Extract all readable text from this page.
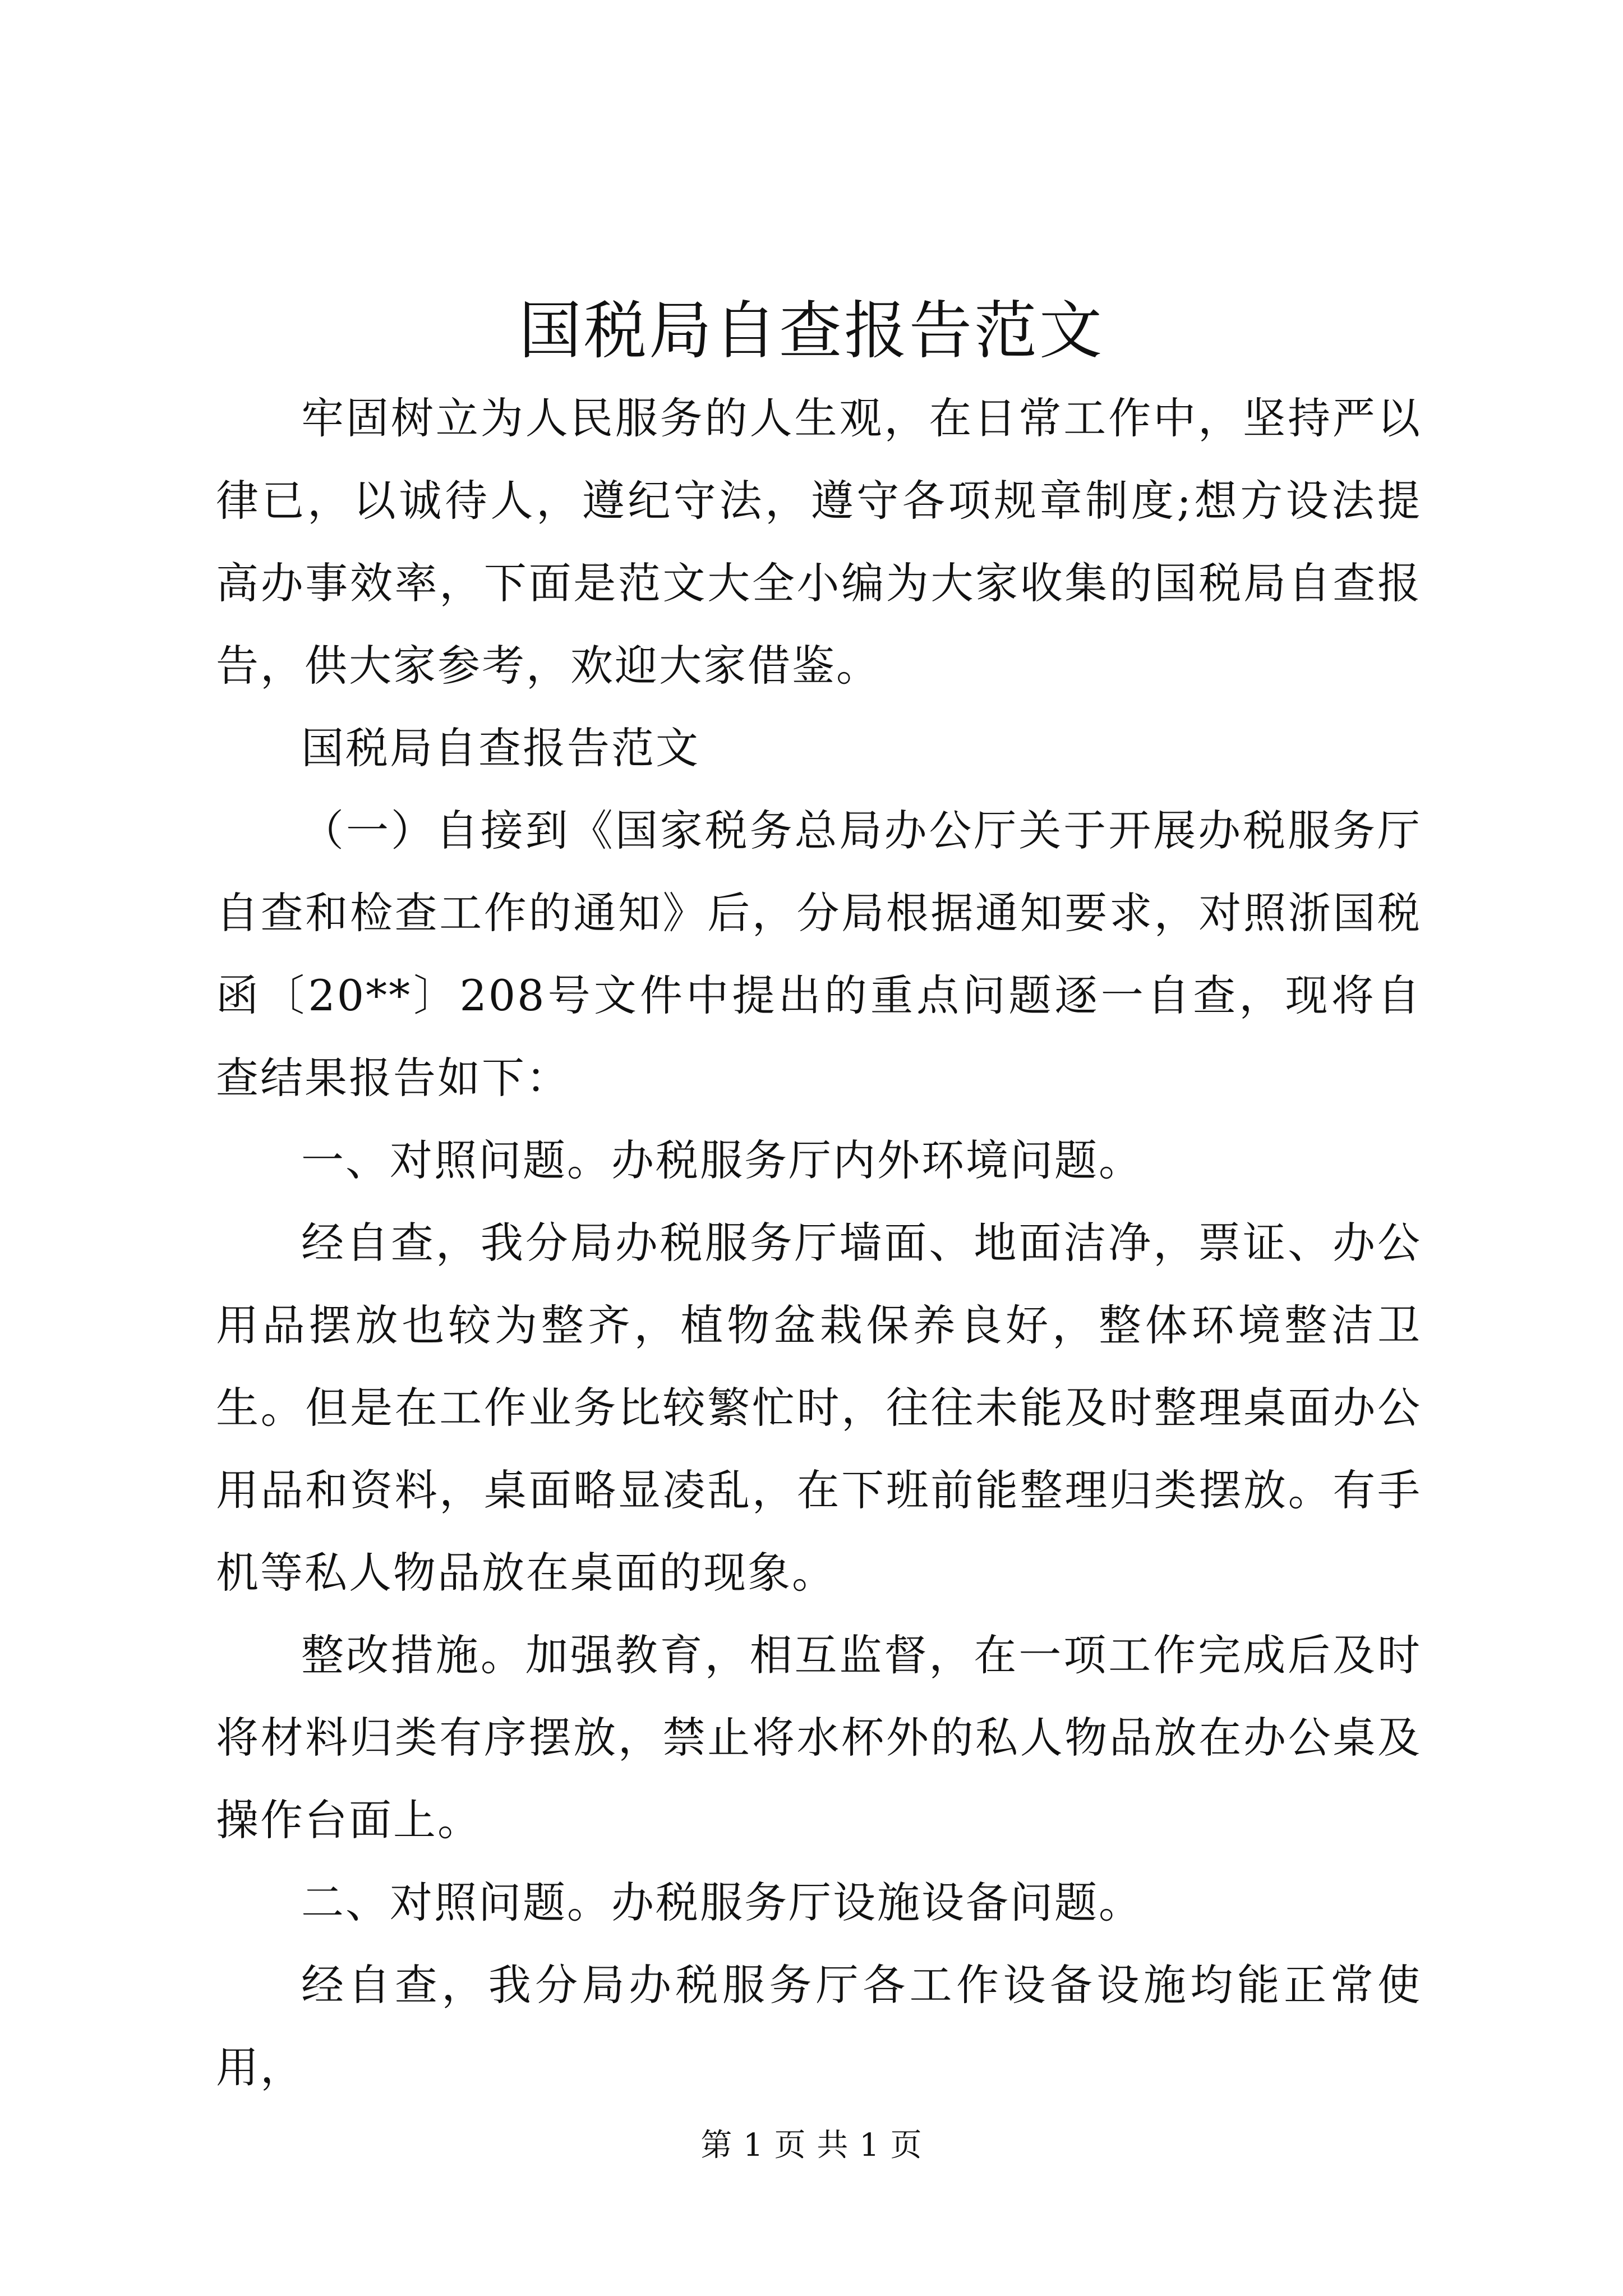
国税局自查报告范文

牢固树立为人民服务的人生观，在日常工作中，坚持严以律已，以诚待人，遵纪守法，遵守各项规章制度;想方设法提高办事效率，下面是范文大全小编为大家收集的国税局自查报告，供大家参考，欢迎大家借鉴。

国税局自查报告范文

（一）自接到《国家税务总局办公厅关于开展办税服务厅自查和检查工作的通知》后，分局根据通知要求，对照浙国税函〔20**〕208号文件中提出的重点问题逐一自查，现将自查结果报告如下：

一、对照问题。办税服务厅内外环境问题。

经自查，我分局办税服务厅墙面、地面洁净，票证、办公用品摆放也较为整齐，植物盆栽保养良好，整体环境整洁卫生。但是在工作业务比较繁忙时，往往未能及时整理桌面办公用品和资料，桌面略显凌乱，在下班前能整理归类摆放。有手机等私人物品放在桌面的现象。

整改措施。加强教育，相互监督，在一项工作完成后及时将材料归类有序摆放，禁止将水杯外的私人物品放在办公桌及操作台面上。

二、对照问题。办税服务厅设施设备问题。

经自查，我分局办税服务厅各工作设备设施均能正常使用，

第 1 页 共 1 页
